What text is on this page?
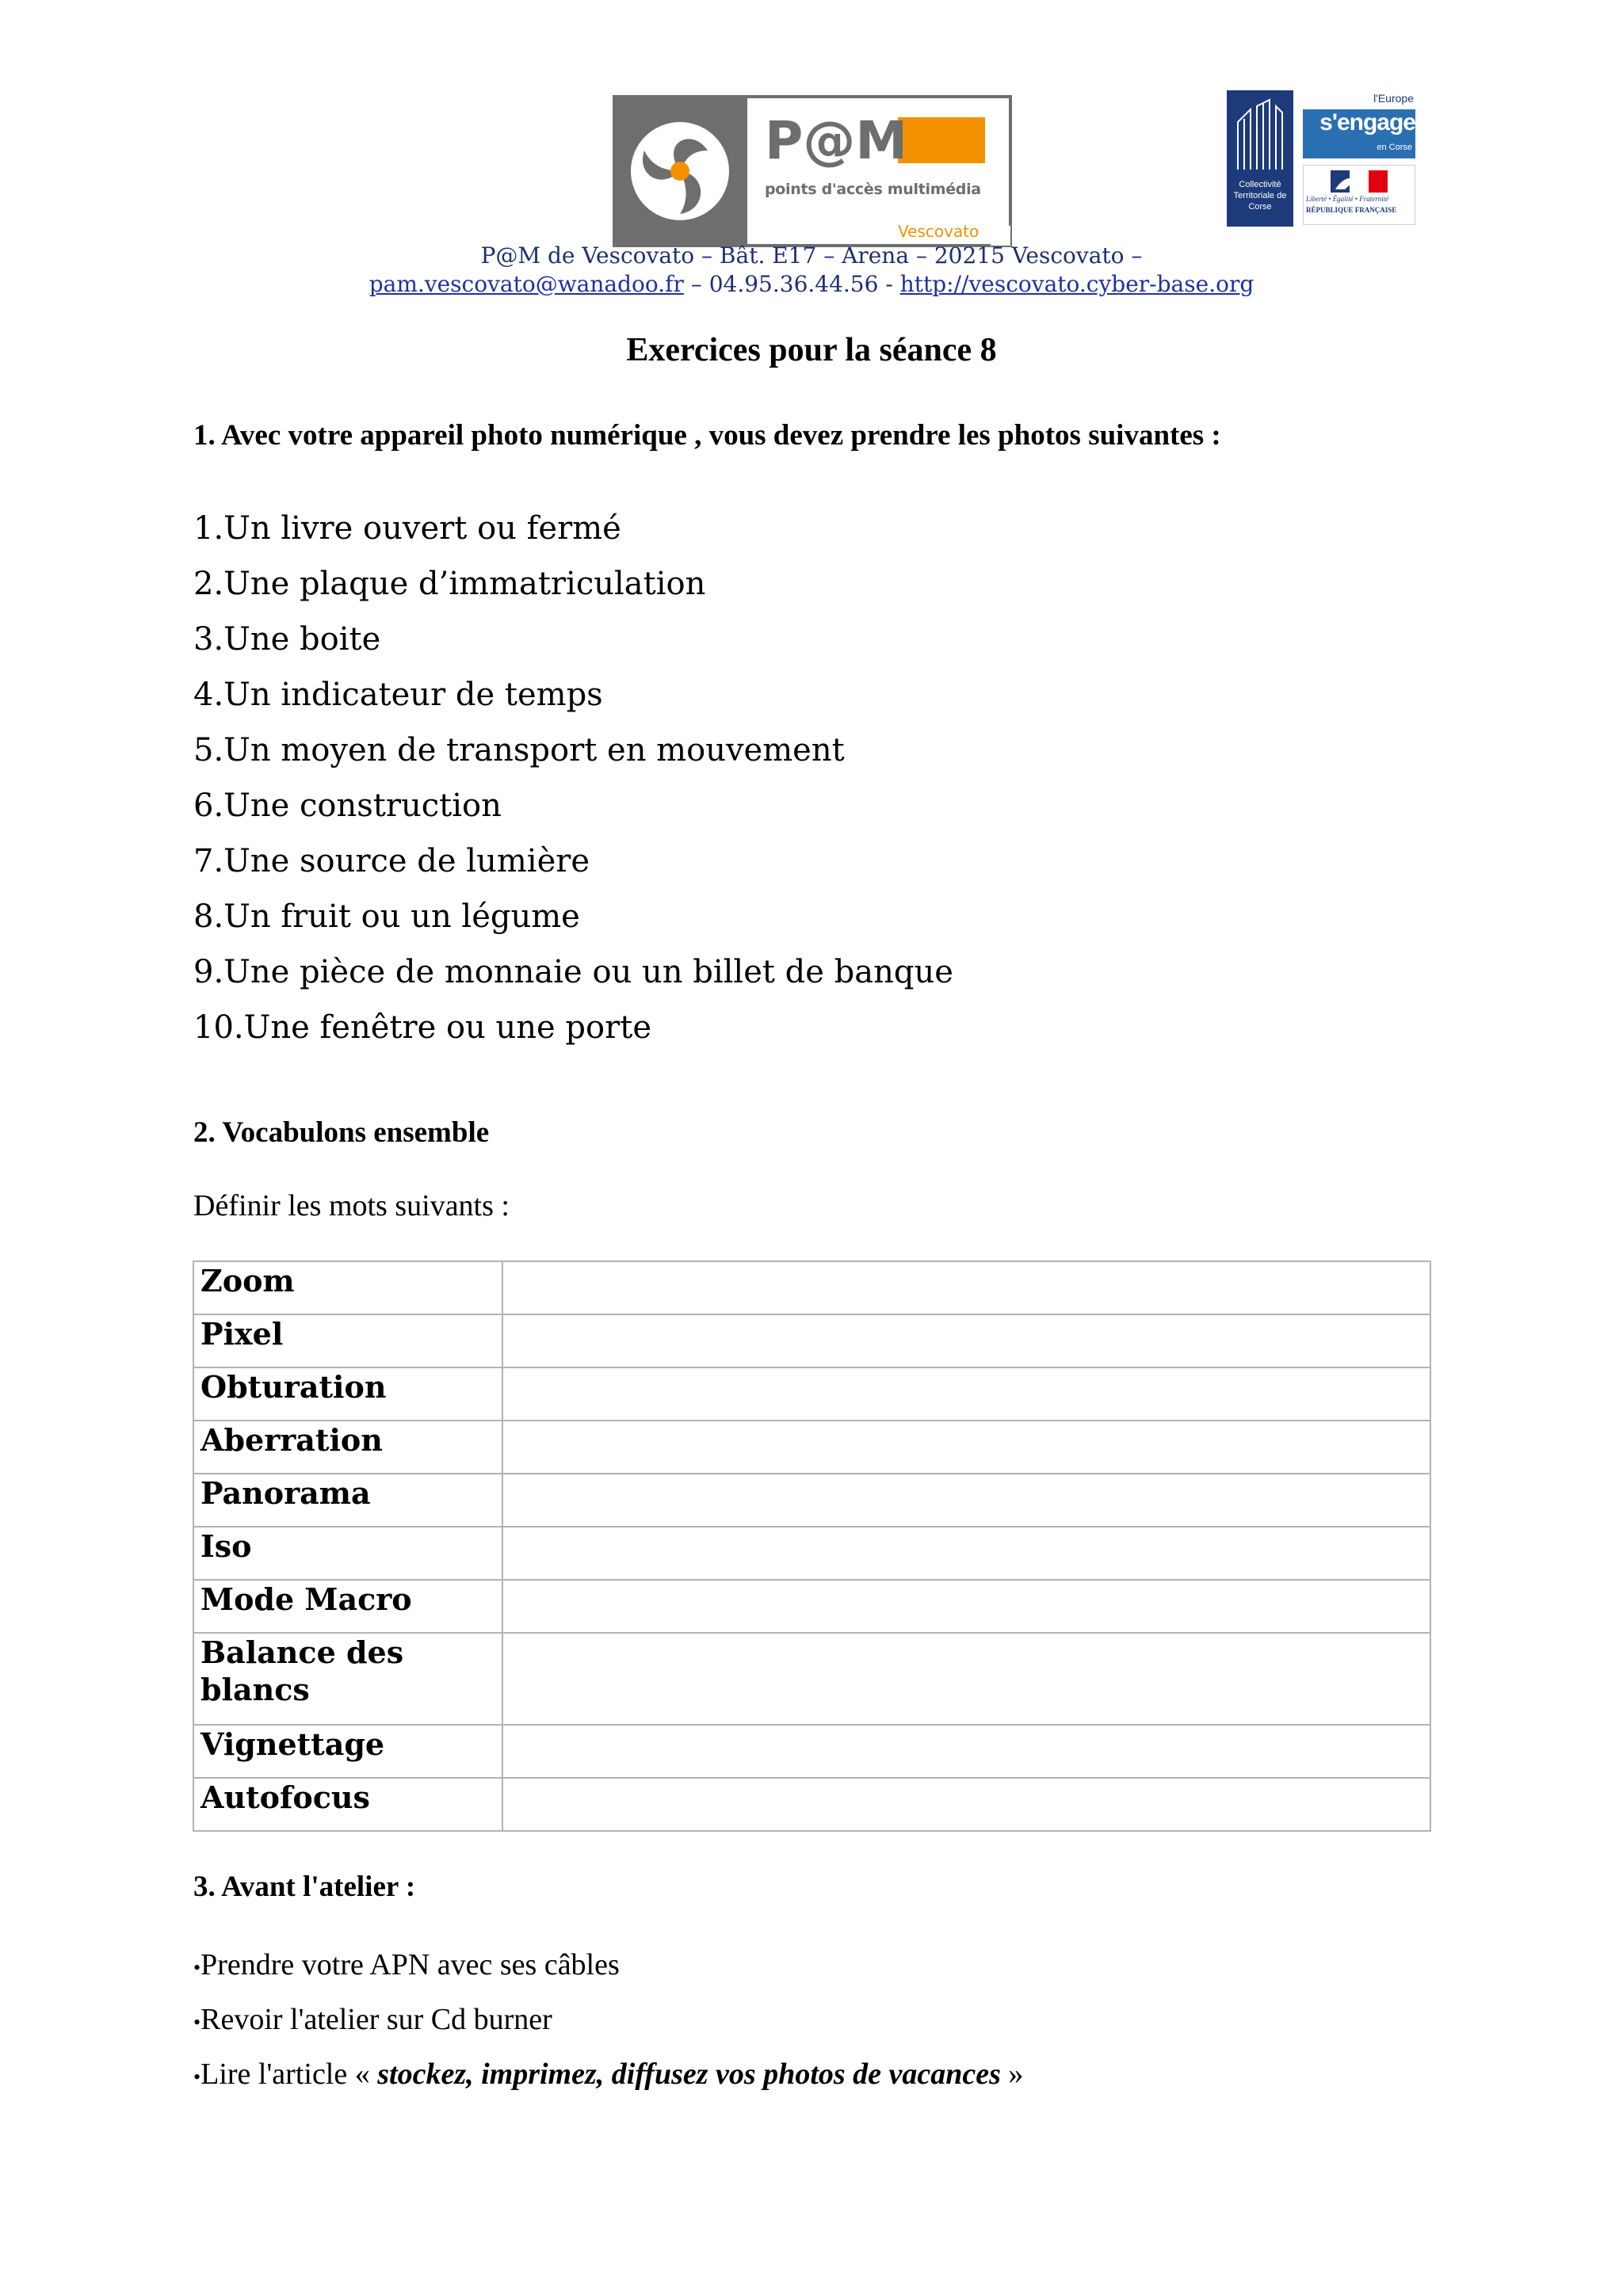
P@M
points d'accès multimédia
Vescovato
Collectivité Territoriale de Corse
l'Europe
s'engage
en Corse
Liberté • Égalité • Fraternité
RÉPUBLIQUE FRANÇAISE
P@M de Vescovato – Bât. E17 – Arena – 20215 Vescovato –
pam.vescovato@wanadoo.fr – 04.95.36.44.56 - http://vescovato.cyber-base.org
Exercices pour la séance 8
1. Avec votre appareil photo numérique , vous devez prendre les photos suivantes :
1.Un livre ouvert ou fermé
2.Une plaque d’immatriculation
3.Une boite
4.Un indicateur de temps
5.Un moyen de transport en mouvement
6.Une construction
7.Une source de lumière
8.Un fruit ou un légume
9.Une pièce de monnaie ou un billet de banque
10.Une fenêtre ou une porte
2. Vocabulons ensemble
Définir les mots suivants :
Zoom	
Pixel	
Obturation	
Aberration	
Panorama	
Iso	
Mode Macro	
Balance des blancs	
Vignettage	
Autofocus	
3. Avant l'atelier :
•Prendre votre APN avec ses câbles
•Revoir l'atelier sur Cd burner
•Lire l'article « stockez, imprimez, diffusez vos photos de vacances »
